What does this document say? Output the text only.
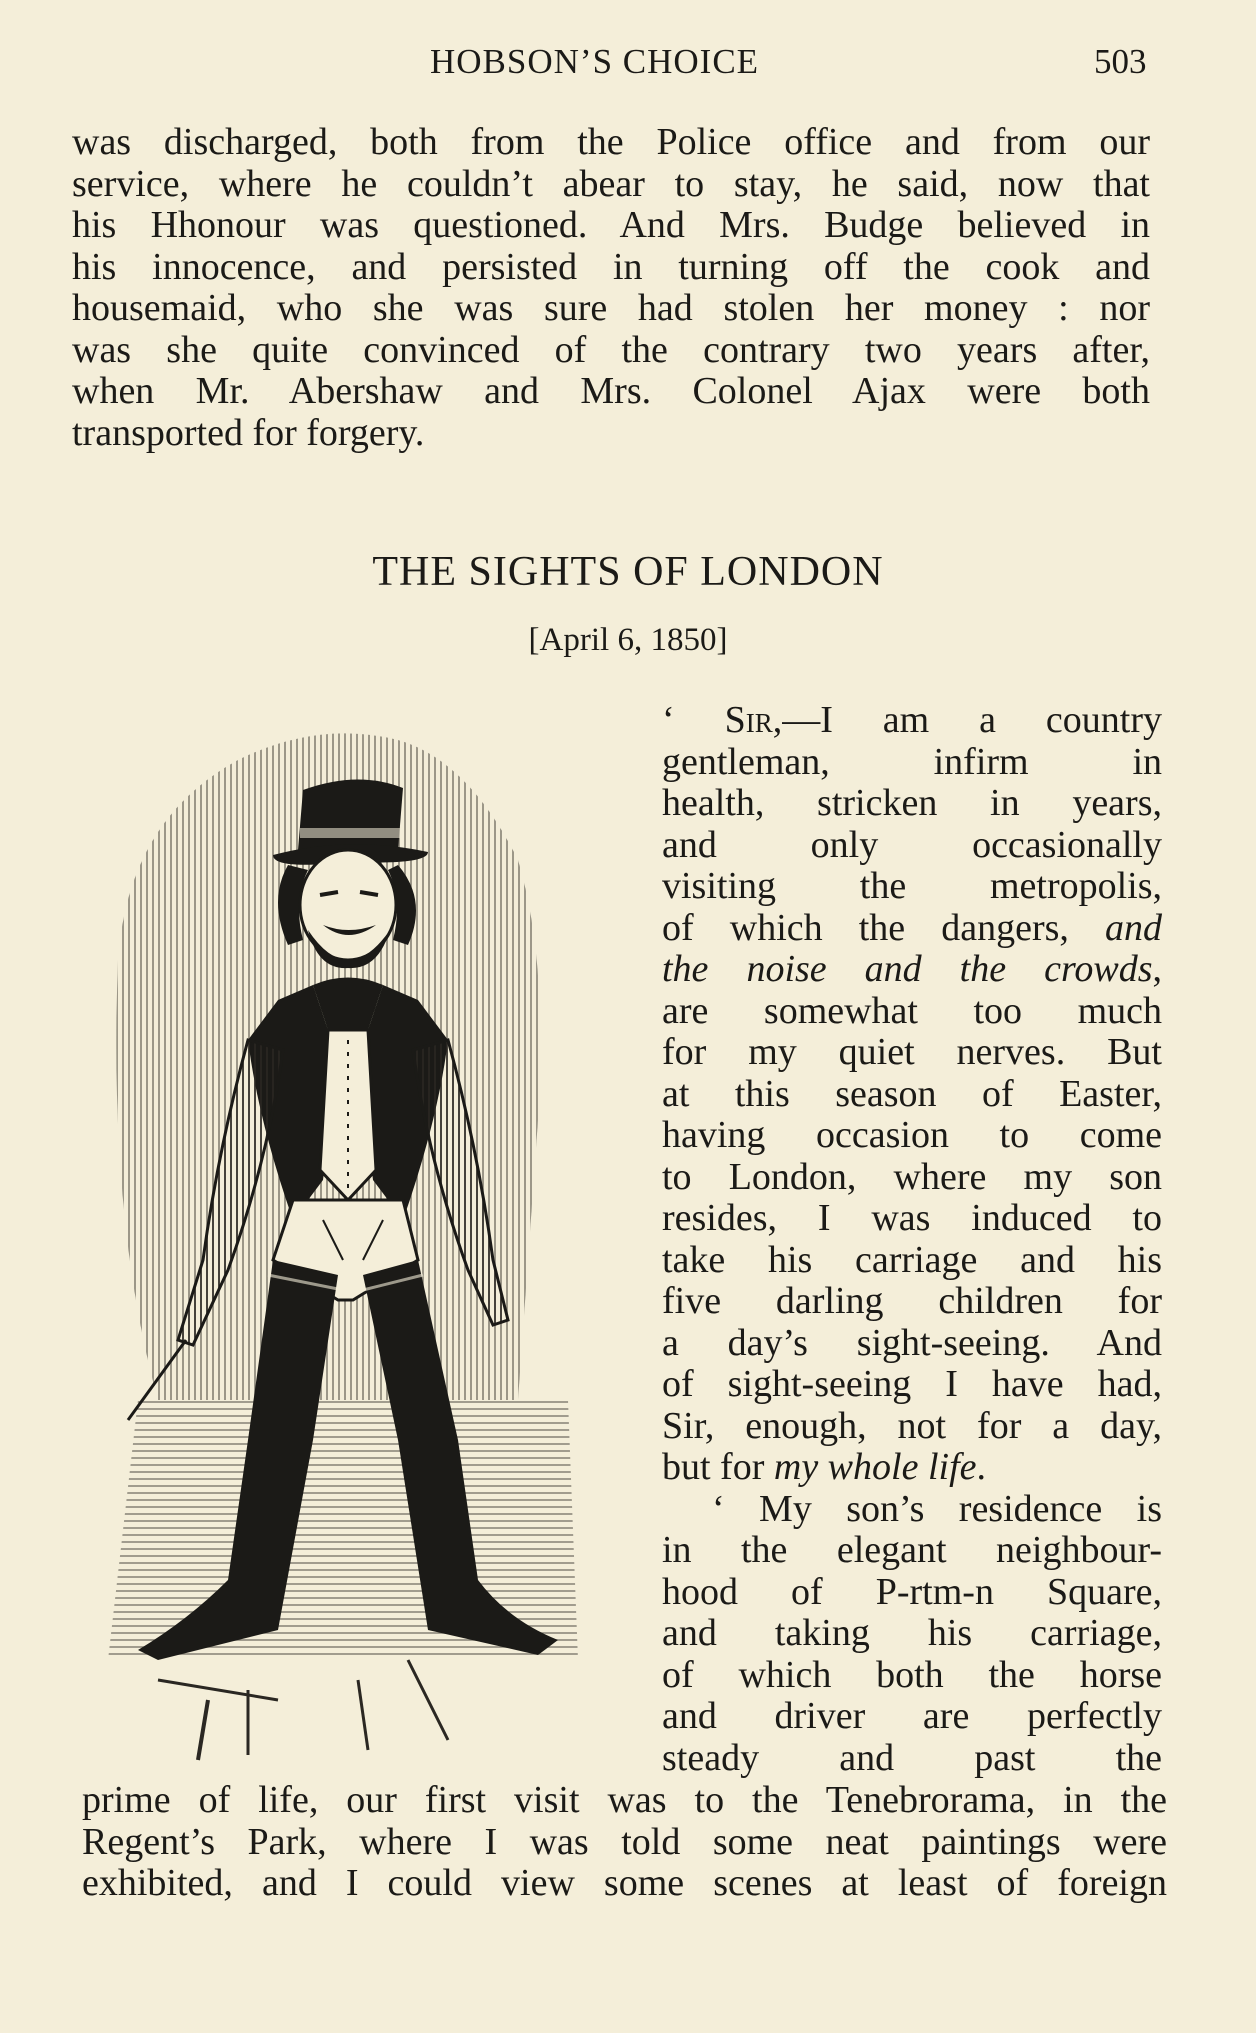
HOBSON’S CHOICE	503
was discharged, both from the Police office and from our
service, where he couldn’t abear to stay, he said, now that
his Hhonour was questioned. And Mrs. Budge believed in
his innocence, and persisted in turning off the cook and
housemaid, who she was sure had stolen her money : nor
was she quite convinced of the contrary two years after,
when Mr. Abershaw and Mrs. Colonel Ajax were both
transported for forgery.
THE SIGHTS OF LONDON
[April 6, 1850]
‘ Sir,—I am a country
gentleman, infirm in
health, stricken in years,
and only occasionally
visiting the metropolis,
of which the dangers, and
the noise and the crowds,
are somewhat too much
for my quiet nerves. But
at this season of Easter,
having occasion to come
to London, where my son
resides, I was induced to
take his carriage and his
five darling children for
a day’s sight-seeing. And
of sight-seeing I have had,
Sir, enough, not for a day,
but for my whole life.
‘ My son’s residence is
in the elegant neighbour-
hood of P-rtm-n Square,
and taking his carriage,
of which both the horse
and driver are perfectly
steady and past the
prime of life, our first visit was to the Tenebrorama, in the
Regent’s Park, where I was told some neat paintings were
exhibited, and I could view some scenes at least of foreign
